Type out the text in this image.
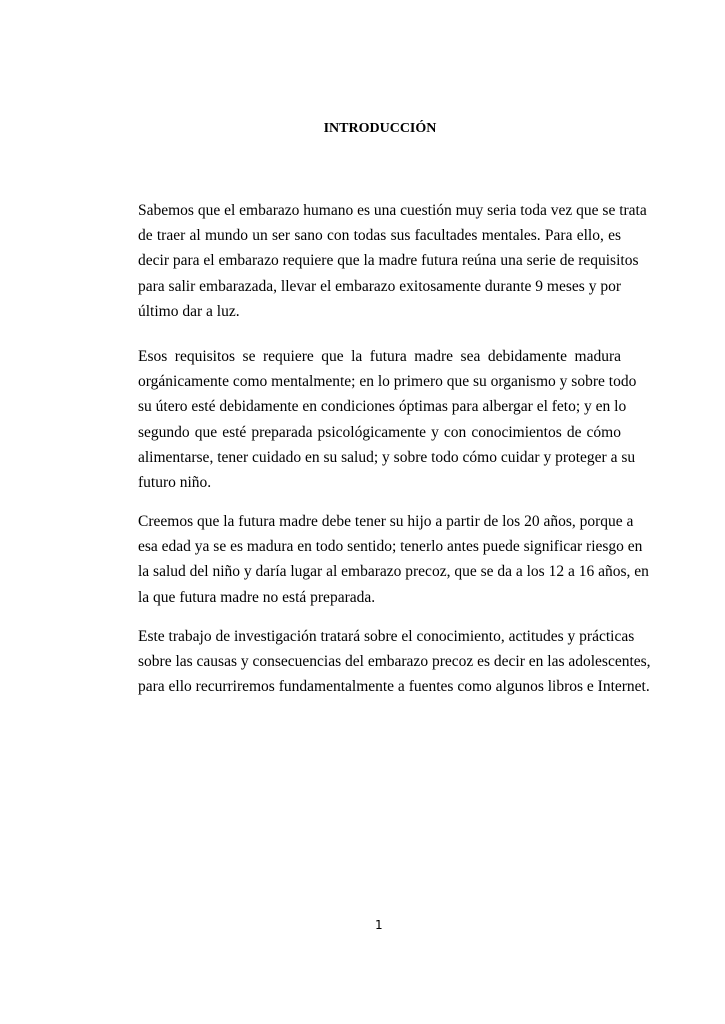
INTRODUCCIÓN
Sabemos que el embarazo humano es una cuestión muy seria toda vez que se trata
de traer al mundo un ser sano con todas sus facultades mentales. Para ello, es
decir para el embarazo requiere que la madre futura reúna una serie de requisitos
para salir embarazada, llevar el embarazo exitosamente durante 9 meses y por
último dar a luz.
Esos requisitos se requiere que la futura madre sea debidamente madura
orgánicamente como mentalmente; en lo primero que su organismo y sobre todo
su útero esté debidamente en condiciones óptimas para albergar el feto; y en lo
segundo que esté preparada psicológicamente y con conocimientos de cómo
alimentarse, tener cuidado en su salud; y sobre todo cómo cuidar y proteger a su
futuro niño.
Creemos que la futura madre debe tener su hijo a partir de los 20 años, porque a
esa edad ya se es madura en todo sentido; tenerlo antes puede significar riesgo en
la salud del niño y daría lugar al embarazo precoz, que se da a los 12 a 16 años, en
la que futura madre no está preparada.
Este trabajo de investigación tratará sobre el conocimiento, actitudes y prácticas
sobre las causas y consecuencias del embarazo precoz es decir en las adolescentes,
para ello recurriremos fundamentalmente a fuentes como algunos libros e Internet.
1
